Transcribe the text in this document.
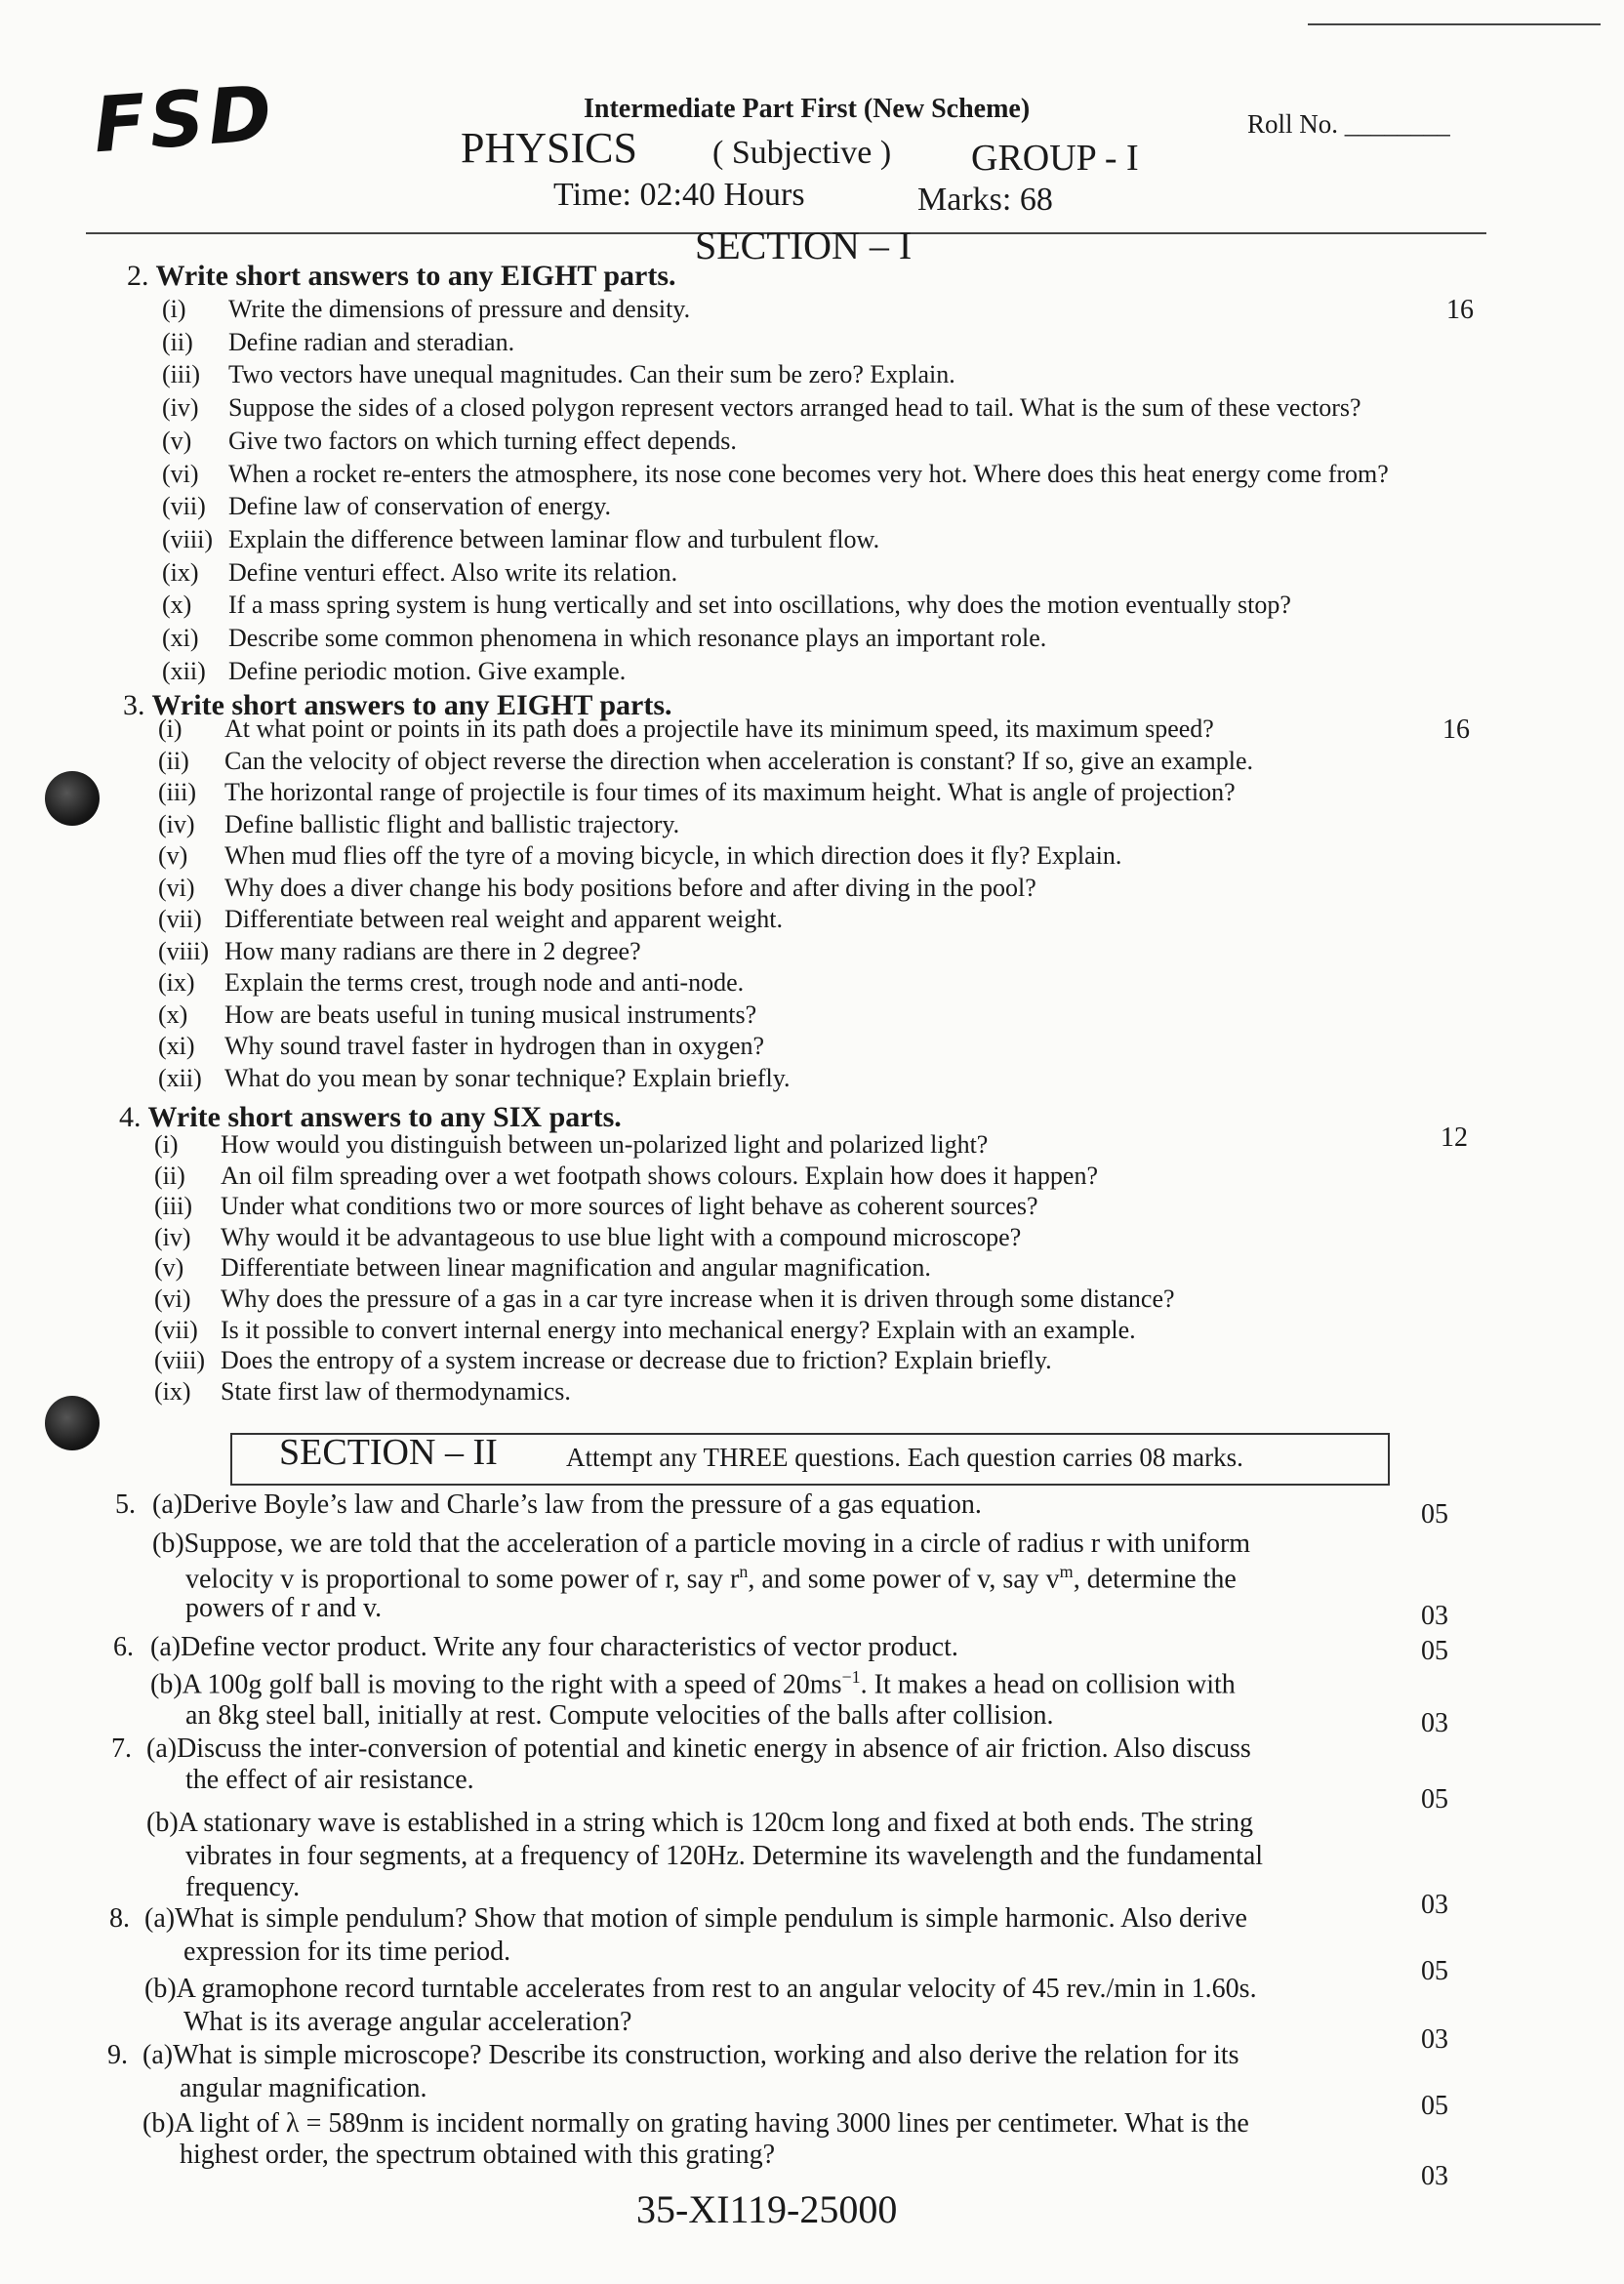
FSD	Intermediate Part First (New Scheme)
PHYSICS ( Subjective ) GROUP - I
Time: 02:40 Hours	Marks: 68
Roll No. ________
SECTION – I
2. Write short answers to any EIGHT parts.
16
(i) Write the dimensions of pressure and density.
(ii) Define radian and steradian.
(iii) Two vectors have unequal magnitudes. Can their sum be zero? Explain.
(iv) Suppose the sides of a closed polygon represent vectors arranged head to tail. What is the sum of these vectors?
(v) Give two factors on which turning effect depends.
(vi) When a rocket re-enters the atmosphere, its nose cone becomes very hot. Where does this heat energy come from?
(vii) Define law of conservation of energy.
(viii) Explain the difference between laminar flow and turbulent flow.
(ix) Define venturi effect. Also write its relation.
(x) If a mass spring system is hung vertically and set into oscillations, why does the motion eventually stop?
(xi) Describe some common phenomena in which resonance plays an important role.
(xii) Define periodic motion. Give example.
3. Write short answers to any EIGHT parts.
16
(i) At what point or points in its path does a projectile have its minimum speed, its maximum speed?
(ii) Can the velocity of object reverse the direction when acceleration is constant? If so, give an example.
(iii) The horizontal range of projectile is four times of its maximum height. What is angle of projection?
(iv) Define ballistic flight and ballistic trajectory.
(v) When mud flies off the tyre of a moving bicycle, in which direction does it fly? Explain.
(vi) Why does a diver change his body positions before and after diving in the pool?
(vii) Differentiate between real weight and apparent weight.
(viii) How many radians are there in 2 degree?
(ix) Explain the terms crest, trough node and anti-node.
(x) How are beats useful in tuning musical instruments?
(xi) Why sound travel faster in hydrogen than in oxygen?
(xii) What do you mean by sonar technique? Explain briefly.
4. Write short answers to any SIX parts.
12
(i) How would you distinguish between un-polarized light and polarized light?
(ii) An oil film spreading over a wet footpath shows colours. Explain how does it happen?
(iii) Under what conditions two or more sources of light behave as coherent sources?
(iv) Why would it be advantageous to use blue light with a compound microscope?
(v) Differentiate between linear magnification and angular magnification.
(vi) Why does the pressure of a gas in a car tyre increase when it is driven through some distance?
(vii) Is it possible to convert internal energy into mechanical energy? Explain with an example.
(viii) Does the entropy of a system increase or decrease due to friction? Explain briefly.
(ix) State first law of thermodynamics.
SECTION – II	Attempt any THREE questions. Each question carries 08 marks.
5. (a)Derive Boyle’s law and Charle’s law from the pressure of a gas equation.	05
(b)Suppose, we are told that the acceleration of a particle moving in a circle of radius r with uniform
velocity v is proportional to some power of r, say $r^n$, and some power of v, say $v^m$, determine the
powers of r and v.	03
6. (a)Define vector product. Write any four characteristics of vector product.	05
(b)A 100g golf ball is moving to the right with a speed of $20ms^{-1}$. It makes a head on collision with
an 8kg steel ball, initially at rest. Compute velocities of the balls after collision.	03
7. (a)Discuss the inter-conversion of potential and kinetic energy in absence of air friction. Also discuss
the effect of air resistance.
05
(b)A stationary wave is established in a string which is 120cm long and fixed at both ends. The string
vibrates in four segments, at a frequency of 120Hz. Determine its wavelength and the fundamental
frequency.
03
8. (a)What is simple pendulum? Show that motion of simple pendulum is simple harmonic. Also derive
expression for its time period.
05
(b)A gramophone record turntable accelerates from rest to an angular velocity of 45 rev./min in 1.60s.
What is its average angular acceleration?
03
9. (a)What is simple microscope? Describe its construction, working and also derive the relation for its
angular magnification.
05
(b)A light of λ = 589nm is incident normally on grating having 3000 lines per centimeter. What is the
highest order, the spectrum obtained with this grating?
03
35-XI119-25000
